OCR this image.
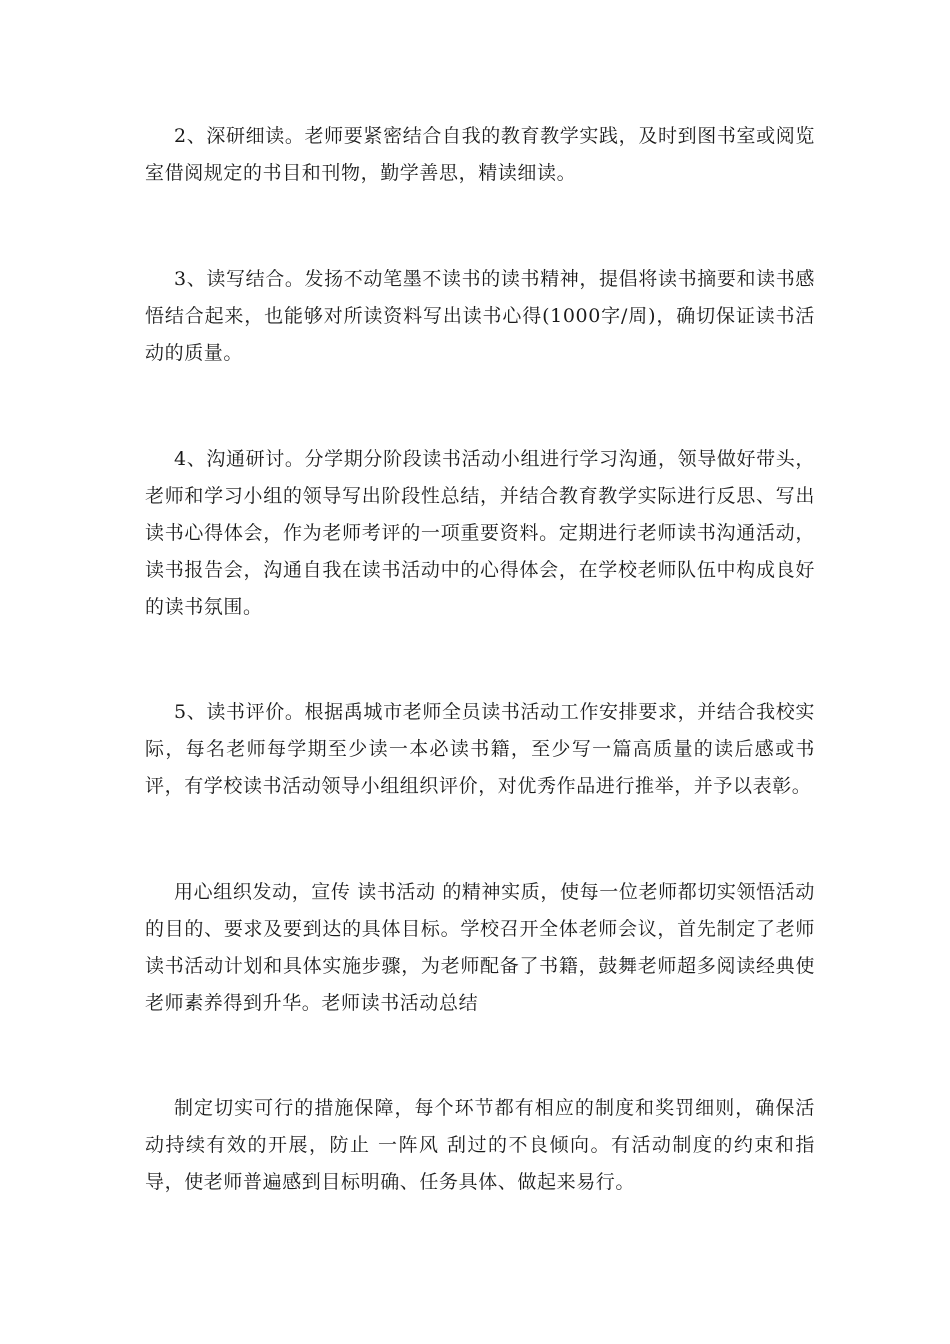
2、深研细读。老师要紧密结合自我的教育教学实践，及时到图书室或阅览室借阅规定的书目和刊物，勤学善思，精读细读。

3、读写结合。发扬不动笔墨不读书的读书精神，提倡将读书摘要和读书感悟结合起来，也能够对所读资料写出读书心得(1000字/周)，确切保证读书活动的质量。

4、沟通研讨。分学期分阶段读书活动小组进行学习沟通，领导做好带头，老师和学习小组的领导写出阶段性总结，并结合教育教学实际进行反思、写出读书心得体会，作为老师考评的一项重要资料。定期进行老师读书沟通活动，读书报告会，沟通自我在读书活动中的心得体会，在学校老师队伍中构成良好的读书氛围。

5、读书评价。根据禹城市老师全员读书活动工作安排要求，并结合我校实际，每名老师每学期至少读一本必读书籍，至少写一篇高质量的读后感或书评，有学校读书活动领导小组组织评价，对优秀作品进行推举，并予以表彰。

用心组织发动，宣传 读书活动 的精神实质，使每一位老师都切实领悟活动的目的、要求及要到达的具体目标。学校召开全体老师会议，首先制定了老师读书活动计划和具体实施步骤，为老师配备了书籍，鼓舞老师超多阅读经典使老师素养得到升华。老师读书活动总结

制定切实可行的措施保障，每个环节都有相应的制度和奖罚细则，确保活动持续有效的开展，防止 一阵风 刮过的不良倾向。有活动制度的约束和指导，使老师普遍感到目标明确、任务具体、做起来易行。
